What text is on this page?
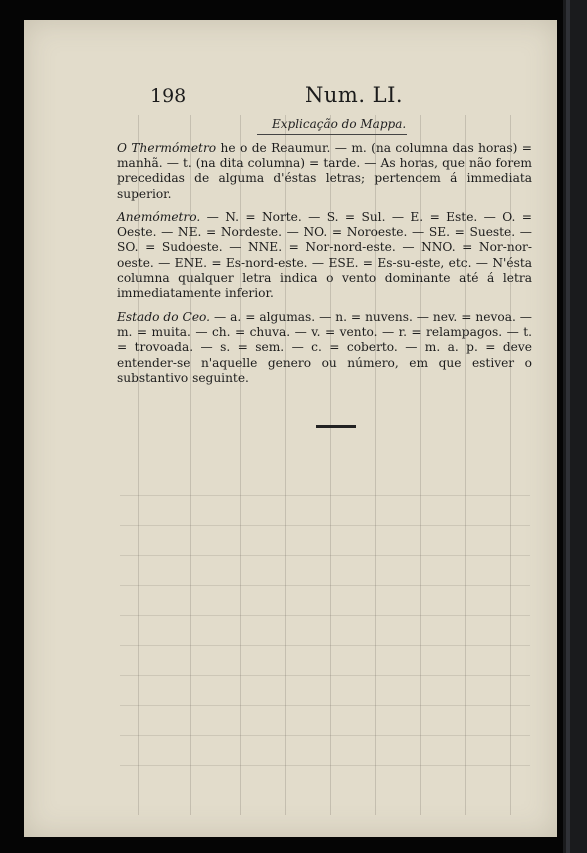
198	Num. LI.
Explicação do Mappa.
O Thermómetro he o de Reaumur. — m. (na columna das horas) = manhã. — t. (na dita columna) = tarde. — As horas, que não forem precedidas de alguma d'éstas letras; pertencem á immediata superior.
Anemómetro. — N. = Norte. — S. = Sul. — E. = Este. — O. = Oeste. — NE. = Nordeste. — NO. = Noroeste. — SE. = Sueste. — SO. = Sudoeste. — NNE. = Nor-nord-este. — NNO. = Nor-nor-oeste. — ENE. = Es-nord-este. — ESE. = Es-su-este, etc. — N'ésta columna qualquer letra indica o vento dominante até á letra immediatamente inferior.
Estado do Ceo. — a. = algumas. — n. = nuvens. — nev. = nevoa. — m. = muita. — ch. = chuva. — v. = vento. — r. = relampagos. — t. = trovoada. — s. = sem. — c. = coberto. — m. a. p. = deve entender-se n'aquelle genero ou número, em que estiver o substantivo seguinte.
